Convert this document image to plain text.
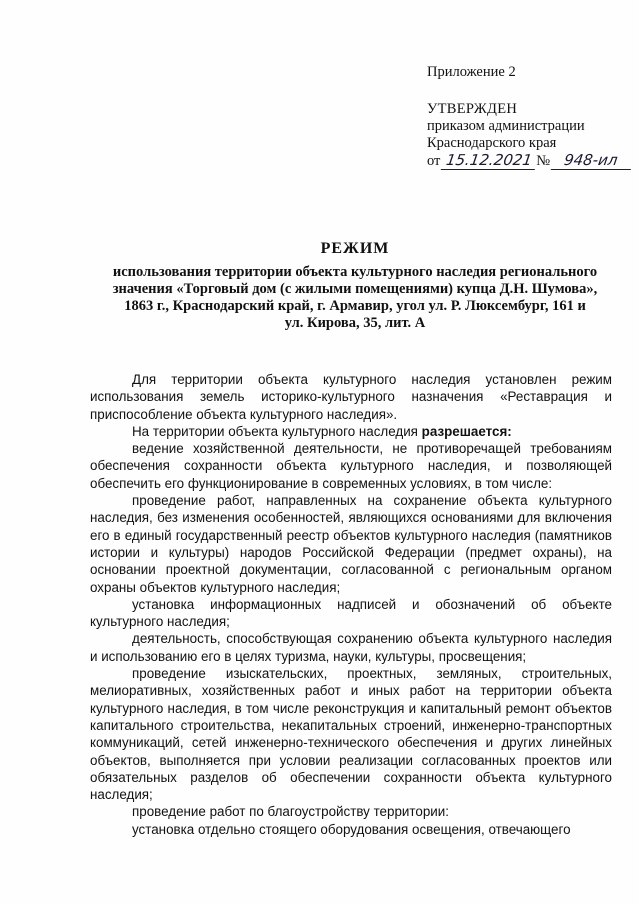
Приложение 2
УТВЕРЖДЕН
приказом администрации
Краснодарского края
от 15.12.2021 № 948-ил
РЕЖИМ
использования территории объекта культурного наследия регионального
значения «Торговый дом (с жилыми помещениями) купца Д.Н. Шумова»,
1863 г., Краснодарский край, г. Армавир, угол ул. Р. Люксембург, 161 и
ул. Кирова, 35, лит. А

Для территории объекта культурного наследия установлен режим использования земель историко-культурного назначения «Реставрация и приспособление объекта культурного наследия».

На территории объекта культурного наследия разрешается:

ведение хозяйственной деятельности, не противоречащей требованиям обеспечения сохранности объекта культурного наследия, и позволяющей обеспечить его функционирование в современных условиях, в том числе:

проведение работ, направленных на сохранение объекта культурного наследия, без изменения особенностей, являющихся основаниями для включения его в единый государственный реестр объектов культурного наследия (памятников истории и культуры) народов Российской Федерации (предмет охраны), на основании проектной документации, согласованной с региональным органом охраны объектов культурного наследия;

установка информационных надписей и обозначений об объекте культурного наследия;

деятельность, способствующая сохранению объекта культурного наследия и использованию его в целях туризма, науки, культуры, просвещения;

проведение изыскательских, проектных, земляных, строительных, мелиоративных, хозяйственных работ и иных работ на территории объекта культурного наследия, в том числе реконструкция и капитальный ремонт объектов капитального строительства, некапитальных строений, инженерно-транспортных коммуникаций, сетей инженерно-технического обеспечения и других линейных объектов, выполняется при условии реализации согласованных проектов или обязательных разделов об обеспечении сохранности объекта культурного наследия;

проведение работ по благоустройству территории:

установка отдельно стоящего оборудования освещения, отвечающего
